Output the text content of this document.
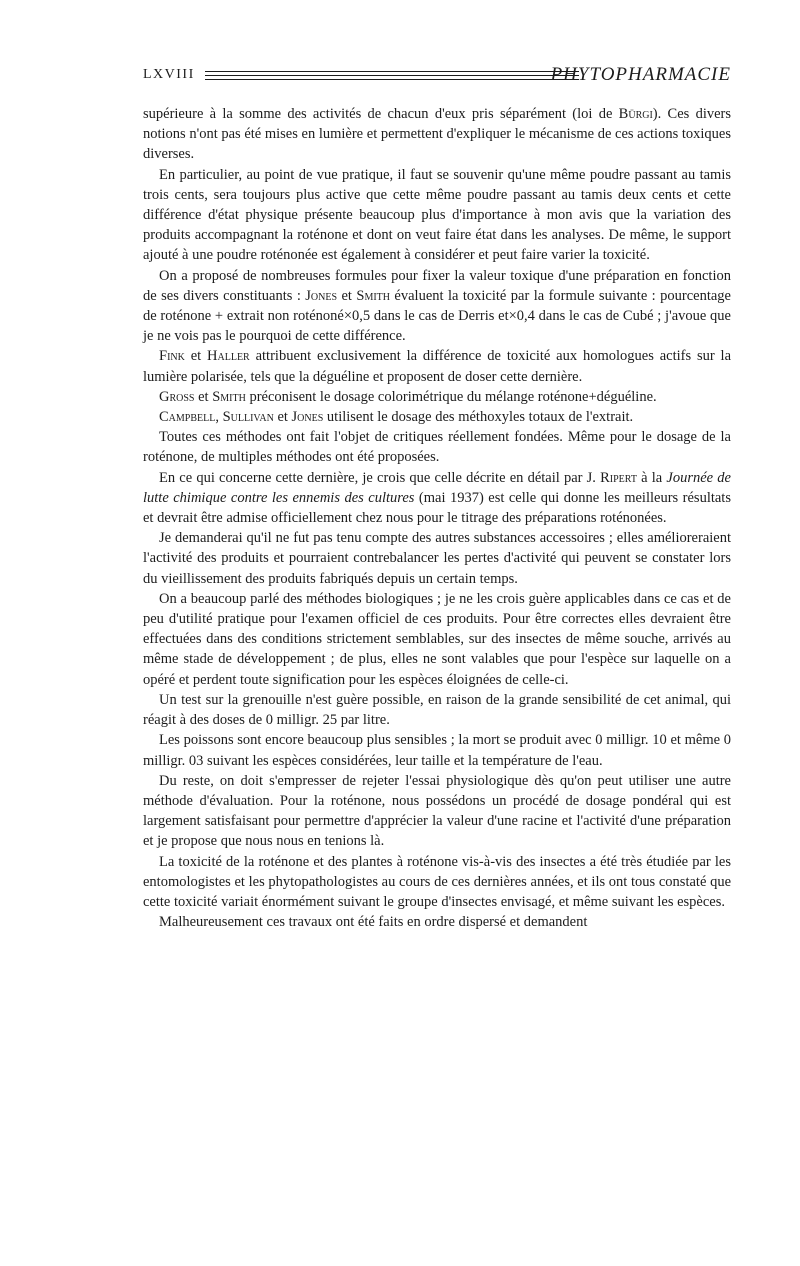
LXVIII	PHYTOPHARMACIE

supérieure à la somme des activités de chacun d'eux pris séparément (loi de Bürgi). Ces divers notions n'ont pas été mises en lumière et permettent d'expliquer le mécanisme de ces actions toxiques diverses.

En particulier, au point de vue pratique, il faut se souvenir qu'une même poudre passant au tamis trois cents, sera toujours plus active que cette même poudre passant au tamis deux cents et cette différence d'état physique présente beaucoup plus d'importance à mon avis que la variation des produits accompagnant la roténone et dont on veut faire état dans les analyses. De même, le support ajouté à une poudre roténonée est également à considérer et peut faire varier la toxicité.

On a proposé de nombreuses formules pour fixer la valeur toxique d'une préparation en fonction de ses divers constituants : Jones et Smith évaluent la toxicité par la formule suivante : pourcentage de roténone + extrait non roténoné×0,5 dans le cas de Derris et×0,4 dans le cas de Cubé ; j'avoue que je ne vois pas le pourquoi de cette différence.

Fink et Haller attribuent exclusivement la différence de toxicité aux homologues actifs sur la lumière polarisée, tels que la déguéline et proposent de doser cette dernière.

Gross et Smith préconisent le dosage colorimétrique du mélange roténone+déguéline.

Campbell, Sullivan et Jones utilisent le dosage des méthoxyles totaux de l'extrait.

Toutes ces méthodes ont fait l'objet de critiques réellement fondées. Même pour le dosage de la roténone, de multiples méthodes ont été proposées.

En ce qui concerne cette dernière, je crois que celle décrite en détail par J. Ripert à la Journée de lutte chimique contre les ennemis des cultures (mai 1937) est celle qui donne les meilleurs résultats et devrait être admise officiellement chez nous pour le titrage des préparations roténonées.

Je demanderai qu'il ne fut pas tenu compte des autres substances accessoires ; elles amélioreraient l'activité des produits et pourraient contrebalancer les pertes d'activité qui peuvent se constater lors du vieillissement des produits fabriqués depuis un certain temps.

On a beaucoup parlé des méthodes biologiques ; je ne les crois guère applicables dans ce cas et de peu d'utilité pratique pour l'examen officiel de ces produits. Pour être correctes elles devraient être effectuées dans des conditions strictement semblables, sur des insectes de même souche, arrivés au même stade de développement ; de plus, elles ne sont valables que pour l'espèce sur laquelle on a opéré et perdent toute signification pour les espèces éloignées de celle-ci.

Un test sur la grenouille n'est guère possible, en raison de la grande sensibilité de cet animal, qui réagit à des doses de 0 milligr. 25 par litre.

Les poissons sont encore beaucoup plus sensibles ; la mort se produit avec 0 milligr. 10 et même 0 milligr. 03 suivant les espèces considérées, leur taille et la température de l'eau.

Du reste, on doit s'empresser de rejeter l'essai physiologique dès qu'on peut utiliser une autre méthode d'évaluation. Pour la roténone, nous possédons un procédé de dosage pondéral qui est largement satisfaisant pour permettre d'apprécier la valeur d'une racine et l'activité d'une préparation et je propose que nous nous en tenions là.

La toxicité de la roténone et des plantes à roténone vis-à-vis des insectes a été très étudiée par les entomologistes et les phytopathologistes au cours de ces dernières années, et ils ont tous constaté que cette toxicité variait énormément suivant le groupe d'insectes envisagé, et même suivant les espèces.

Malheureusement ces travaux ont été faits en ordre dispersé et demandent
